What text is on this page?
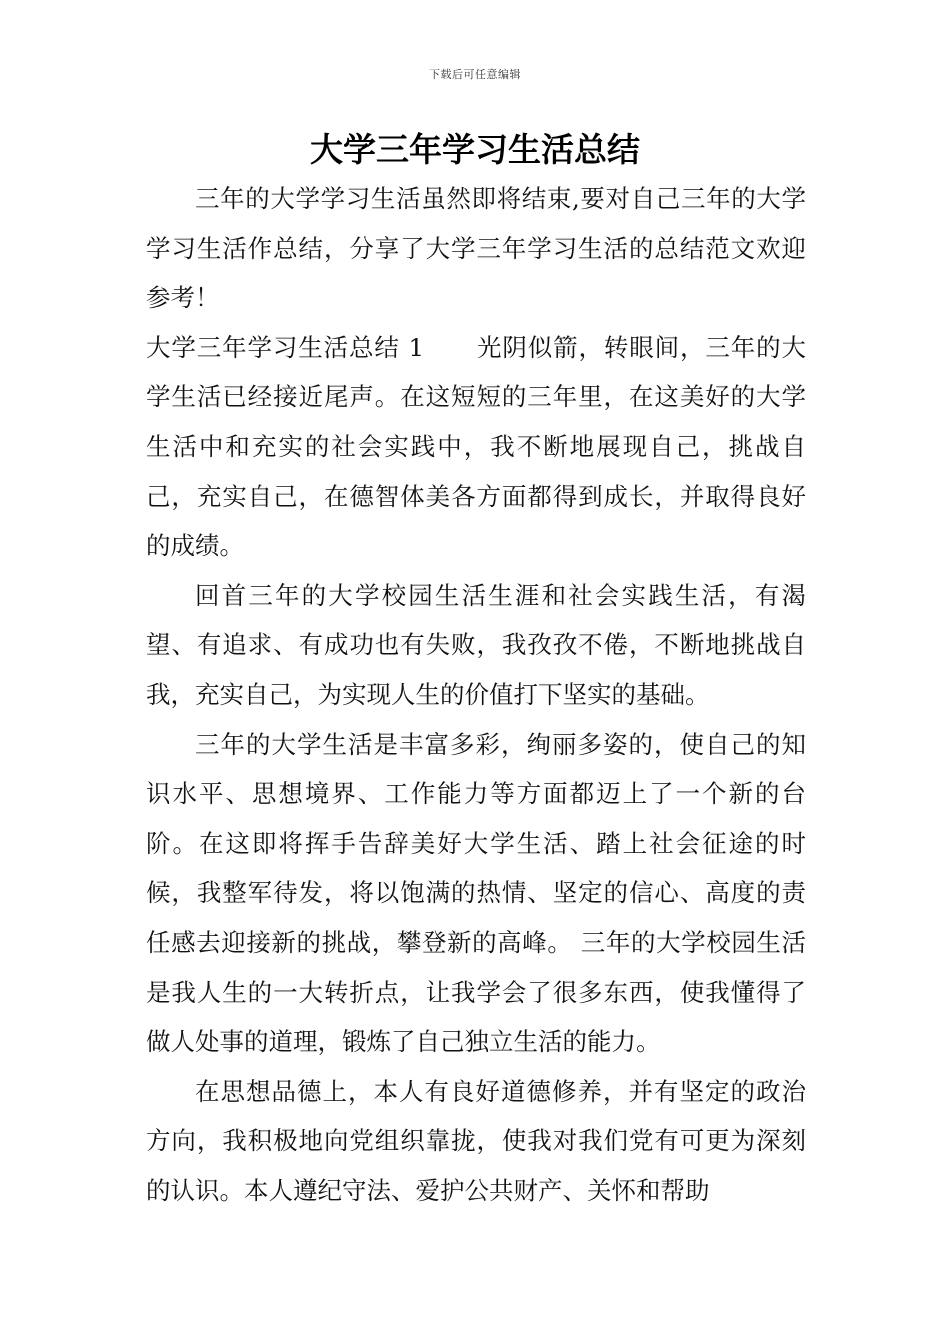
下载后可任意编辑
大学三年学习生活总结

三年的大学学习生活虽然即将结束,要对自己三年的大学学习生活作总结，分享了大学三年学习生活的总结范文欢迎参考！

大学三年学习生活总结 1 光阴似箭，转眼间，三年的大学生活已经接近尾声。在这短短的三年里，在这美好的大学生活中和充实的社会实践中，我不断地展现自己，挑战自己，充实自己，在德智体美各方面都得到成长，并取得良好的成绩。

回首三年的大学校园生活生涯和社会实践生活，有渴望、有追求、有成功也有失败，我孜孜不倦，不断地挑战自我，充实自己，为实现人生的价值打下坚实的基础。

三年的大学生活是丰富多彩，绚丽多姿的，使自己的知识水平、思想境界、工作能力等方面都迈上了一个新的台阶。在这即将挥手告辞美好大学生活、踏上社会征途的时候，我整军待发，将以饱满的热情、坚定的信心、高度的责任感去迎接新的挑战，攀登新的高峰。 三年的大学校园生活是我人生的一大转折点，让我学会了很多东西，使我懂得了做人处事的道理，锻炼了自己独立生活的能力。

在思想品德上，本人有良好道德修养，并有坚定的政治方向，我积极地向党组织靠拢，使我对我们党有可更为深刻的认识。本人遵纪守法、爱护公共财产、关怀和帮助
